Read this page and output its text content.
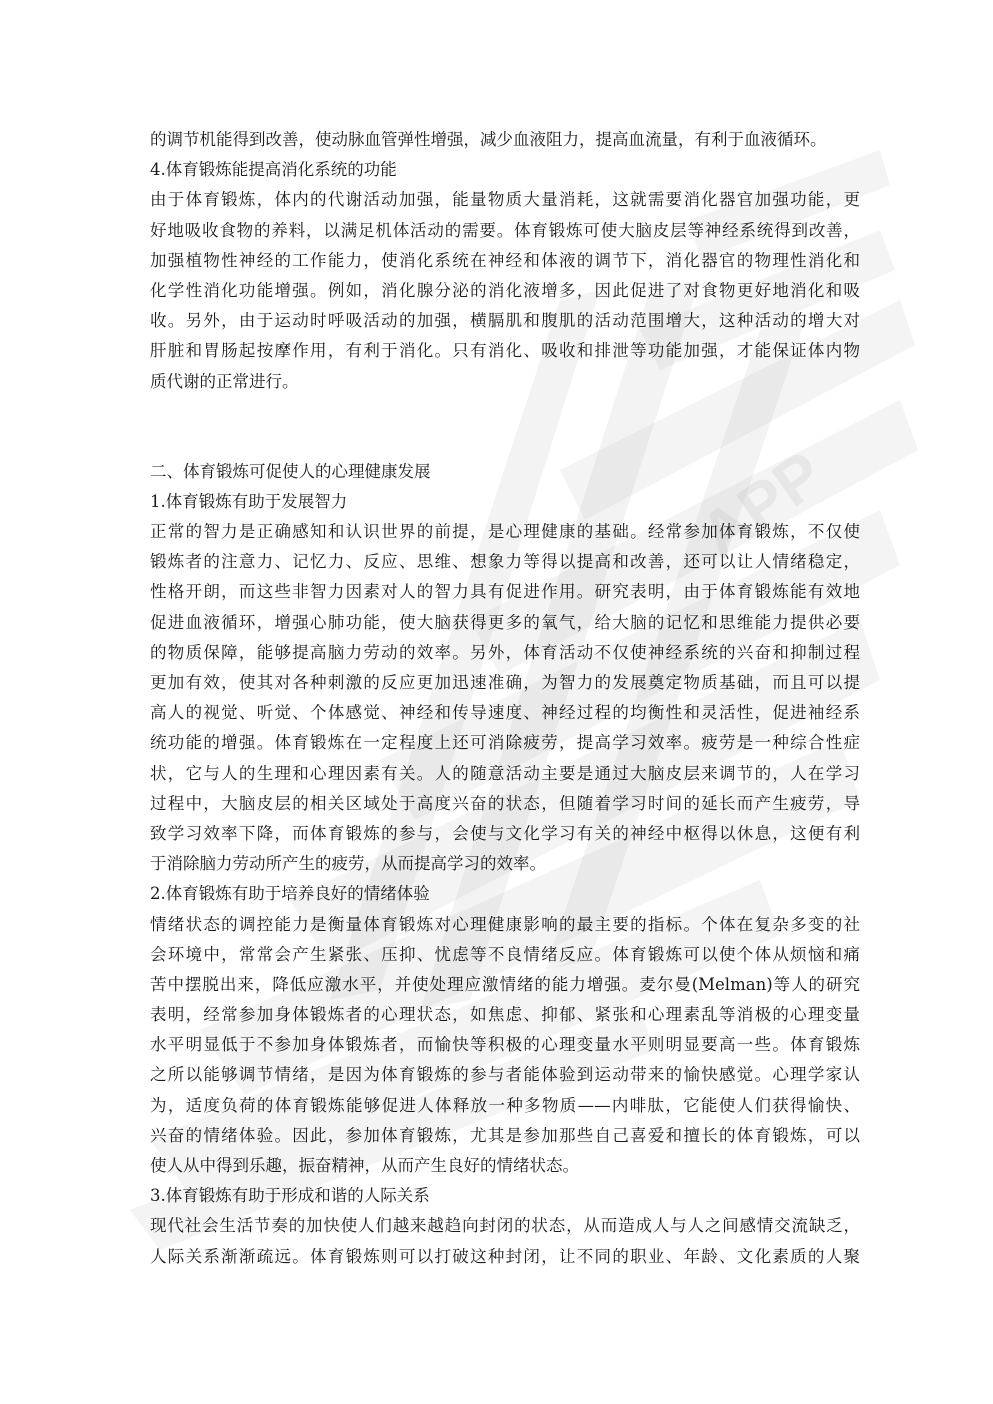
APP
的调节机能得到改善，使动脉血管弹性增强，减少血液阻力，提高血流量，有利于血液循环。
4.体育锻炼能提高消化系统的功能
由于体育锻炼，体内的代谢活动加强，能量物质大量消耗，这就需要消化器官加强功能，更
好地吸收食物的养料，以满足机体活动的需要。体育锻炼可使大脑皮层等神经系统得到改善，
加强植物性神经的工作能力，使消化系统在神经和体液的调节下，消化器官的物理性消化和
化学性消化功能增强。例如，消化腺分泌的消化液增多，因此促进了对食物更好地消化和吸
收。另外，由于运动时呼吸活动的加强，横膈肌和腹肌的活动范围增大，这种活动的增大对
肝脏和胃肠起按摩作用，有利于消化。只有消化、吸收和排泄等功能加强，才能保证体内物
质代谢的正常进行。
二、体育锻炼可促使人的心理健康发展
1.体育锻炼有助于发展智力
正常的智力是正确感知和认识世界的前提，是心理健康的基础。经常参加体育锻炼，不仅使
锻炼者的注意力、记忆力、反应、思维、想象力等得以提高和改善，还可以让人情绪稳定，
性格开朗，而这些非智力因素对人的智力具有促进作用。研究表明，由于体育锻炼能有效地
促进血液循环，增强心肺功能，使大脑获得更多的氧气，给大脑的记忆和思维能力提供必要
的物质保障，能够提高脑力劳动的效率。另外，体育活动不仅使神经系统的兴奋和抑制过程
更加有效，使其对各种刺激的反应更加迅速准确，为智力的发展奠定物质基础，而且可以提
高人的视觉、听觉、个体感觉、神经和传导速度、神经过程的均衡性和灵活性，促进袖经系
统功能的增强。体育锻炼在一定程度上还可消除疲劳，提高学习效率。疲劳是一种综合性症
状，它与人的生理和心理因素有关。人的随意活动主要是通过大脑皮层来调节的，人在学习
过程中，大脑皮层的相关区域处于高度兴奋的状态，但随着学习时间的延长而产生疲劳，导
致学习效率下降，而体育锻炼的参与，会使与文化学习有关的神经中枢得以休息，这便有利
于消除脑力劳动所产生的疲劳，从而提高学习的效率。
2.体育锻炼有助于培养良好的情绪体验
情绪状态的调控能力是衡量体育锻炼对心理健康影响的最主要的指标。个体在复杂多变的社
会环境中，常常会产生紧张、压抑、忧虑等不良情绪反应。体育锻炼可以使个体从烦恼和痛
苦中摆脱出来，降低应激水平，并使处理应激情绪的能力增强。麦尔曼(Melman)等人的研究
表明，经常参加身体锻炼者的心理状态，如焦虑、抑郁、紧张和心理素乱等消极的心理变量
水平明显低于不参加身体锻炼者，而愉快等积极的心理变量水平则明显要高一些。体育锻炼
之所以能够调节情绪，是因为体育锻炼的参与者能体验到运动带来的愉快感觉。心理学家认
为，适度负荷的体育锻炼能够促进人体释放一种多物质——内啡肽，它能使人们获得愉快、
兴奋的情绪体验。因此，参加体育锻炼，尤其是参加那些自己喜爱和擅长的体育锻炼，可以
使人从中得到乐趣，振奋精神，从而产生良好的情绪状态。
3.体育锻炼有助于形成和谐的人际关系
现代社会生活节奏的加快使人们越来越趋向封闭的状态，从而造成人与人之间感情交流缺乏，
人际关系渐渐疏远。体育锻炼则可以打破这种封闭，让不同的职业、年龄、文化素质的人聚
